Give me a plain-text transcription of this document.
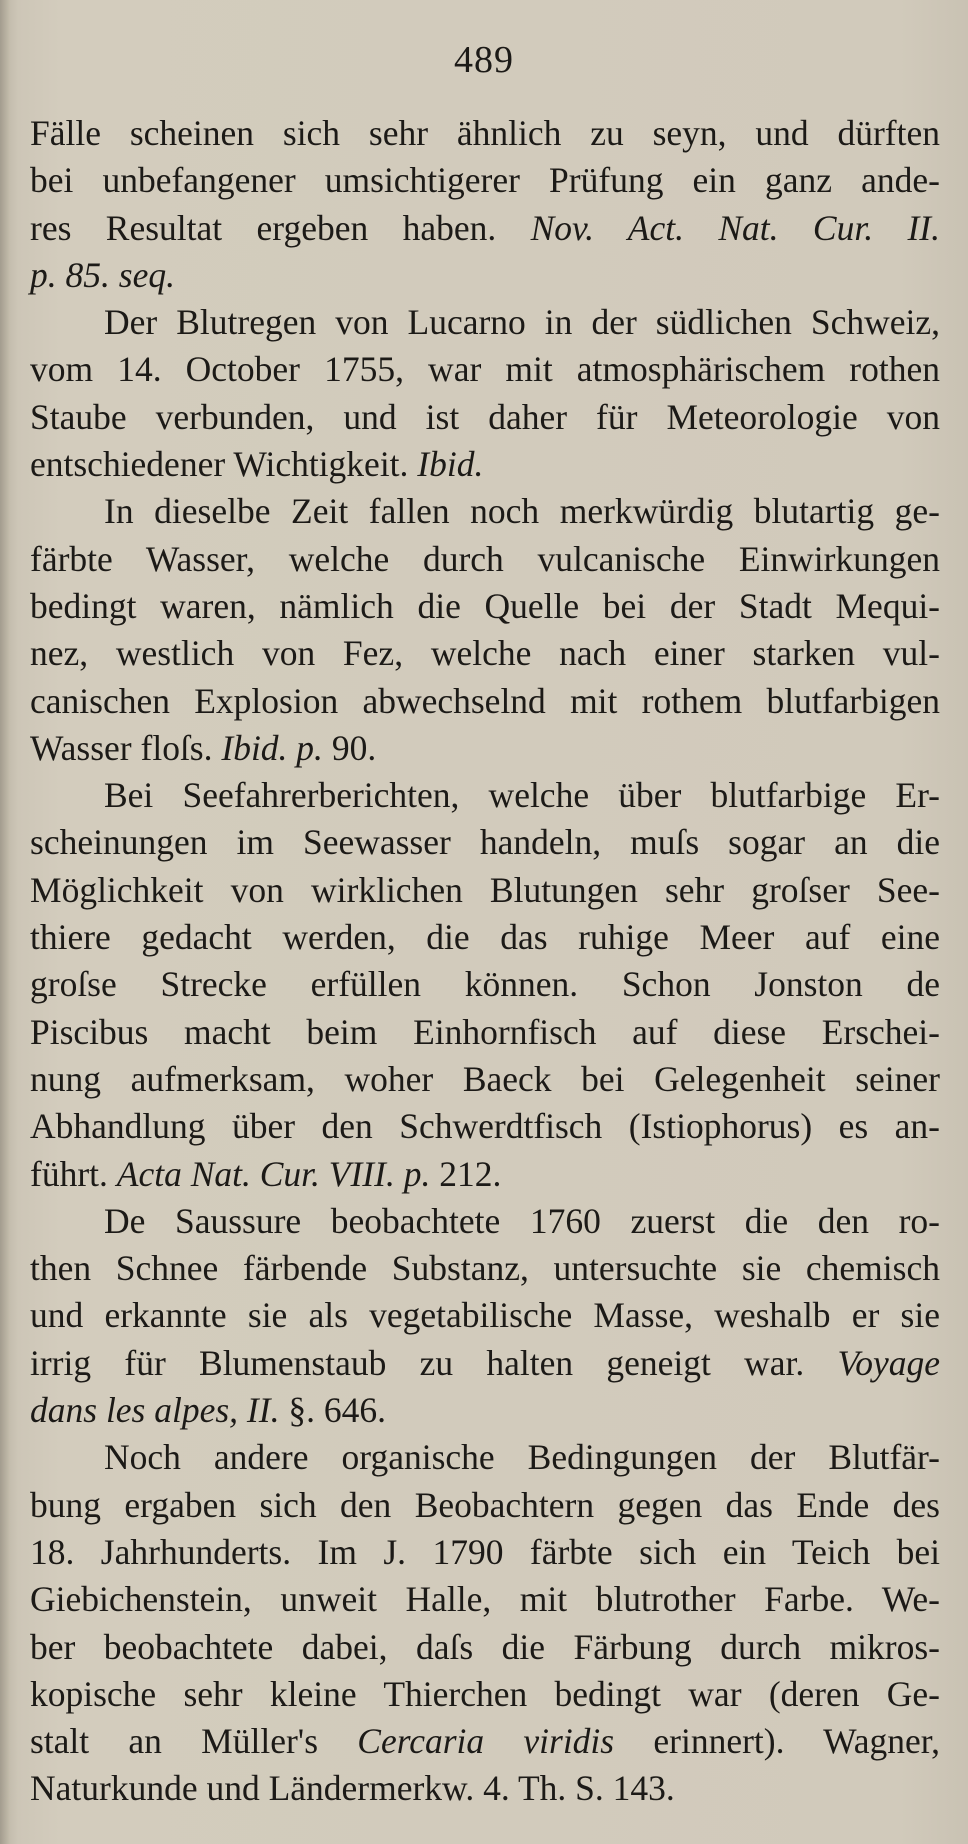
489
Fälle scheinen sich sehr ähnlich zu seyn, und dürften
bei unbefangener umsichtigerer Prüfung ein ganz ande-
res Resultat ergeben haben. Nov. Act. Nat. Cur. II.
p. 85. seq.
Der Blutregen von Lucarno in der südlichen Schweiz,
vom 14. October 1755, war mit atmosphärischem rothen
Staube verbunden, und ist daher für Meteorologie von
entschiedener Wichtigkeit. Ibid.
In dieselbe Zeit fallen noch merkwürdig blutartig ge-
färbte Wasser, welche durch vulcanische Einwirkungen
bedingt waren, nämlich die Quelle bei der Stadt Mequi-
nez, westlich von Fez, welche nach einer starken vul-
canischen Explosion abwechselnd mit rothem blutfarbigen
Wasser floſs. Ibid. p. 90.
Bei Seefahrerberichten, welche über blutfarbige Er-
scheinungen im Seewasser handeln, muſs sogar an die
Möglichkeit von wirklichen Blutungen sehr groſser See-
thiere gedacht werden, die das ruhige Meer auf eine
groſse Strecke erfüllen können. Schon Jonston de
Piscibus macht beim Einhornfisch auf diese Erschei-
nung aufmerksam, woher Baeck bei Gelegenheit seiner
Abhandlung über den Schwerdtfisch (Istiophorus) es an-
führt. Acta Nat. Cur. VIII. p. 212.
De Saussure beobachtete 1760 zuerst die den ro-
then Schnee färbende Substanz, untersuchte sie chemisch
und erkannte sie als vegetabilische Masse, weshalb er sie
irrig für Blumenstaub zu halten geneigt war. Voyage
dans les alpes, II. §. 646.
Noch andere organische Bedingungen der Blutfär-
bung ergaben sich den Beobachtern gegen das Ende des
18. Jahrhunderts. Im J. 1790 färbte sich ein Teich bei
Giebichenstein, unweit Halle, mit blutrother Farbe. We-
ber beobachtete dabei, daſs die Färbung durch mikros-
kopische sehr kleine Thierchen bedingt war (deren Ge-
stalt an Müller's Cercaria viridis erinnert). Wagner,
Naturkunde und Ländermerkw. 4. Th. S. 143.
